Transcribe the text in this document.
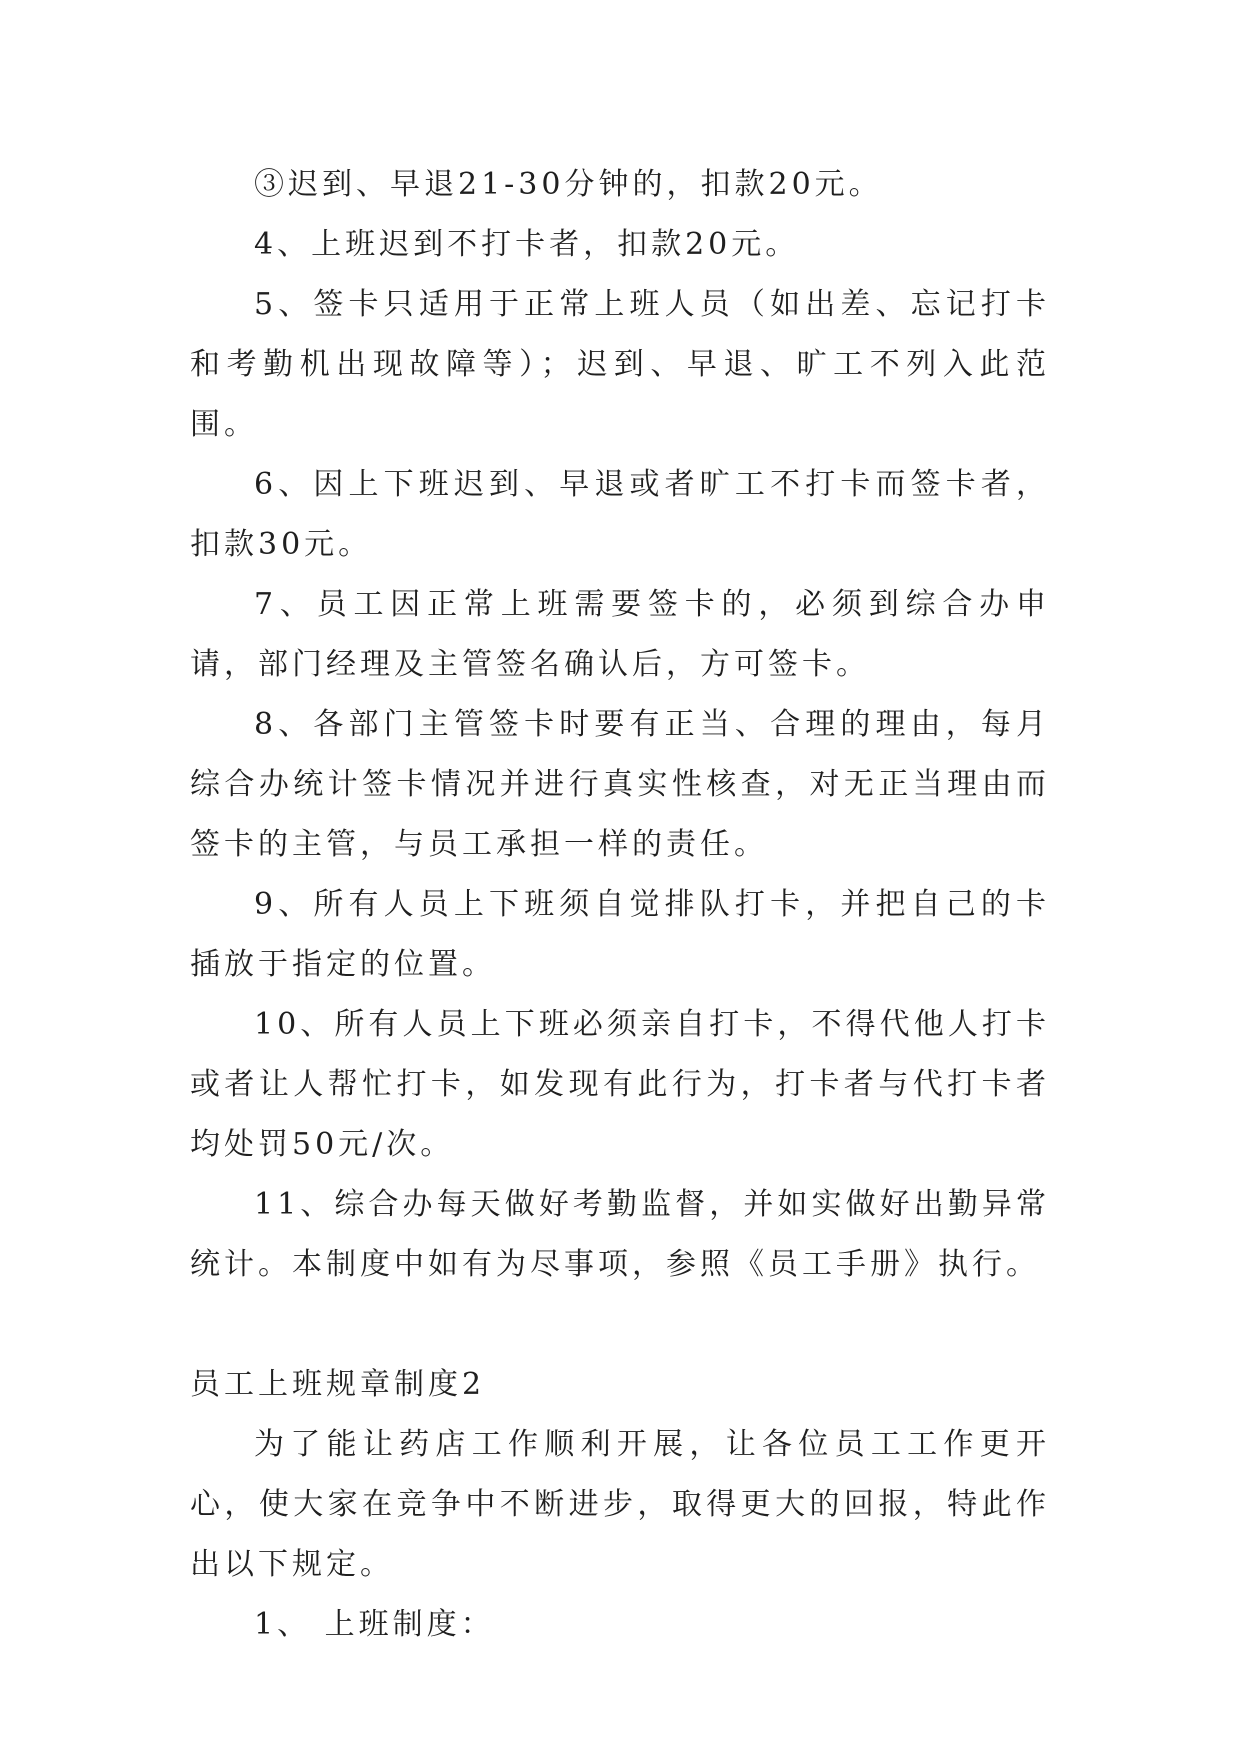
③迟到、早退21-30分钟的，扣款20元。

4、上班迟到不打卡者，扣款20元。

5、签卡只适用于正常上班人员（如出差、忘记打卡和考勤机出现故障等）；迟到、早退、旷工不列入此范围。

6、因上下班迟到、早退或者旷工不打卡而签卡者，扣款30元。

7、员工因正常上班需要签卡的，必须到综合办申请，部门经理及主管签名确认后，方可签卡。

8、各部门主管签卡时要有正当、合理的理由，每月综合办统计签卡情况并进行真实性核查，对无正当理由而签卡的主管，与员工承担一样的责任。

9、所有人员上下班须自觉排队打卡，并把自己的卡插放于指定的位置。

10、所有人员上下班必须亲自打卡，不得代他人打卡或者让人帮忙打卡，如发现有此行为，打卡者与代打卡者均处罚50元/次。

11、综合办每天做好考勤监督，并如实做好出勤异常统计。本制度中如有为尽事项，参照《员工手册》执行。

员工上班规章制度2

为了能让药店工作顺利开展，让各位员工工作更开心，使大家在竞争中不断进步，取得更大的回报，特此作出以下规定。

1、 上班制度：
